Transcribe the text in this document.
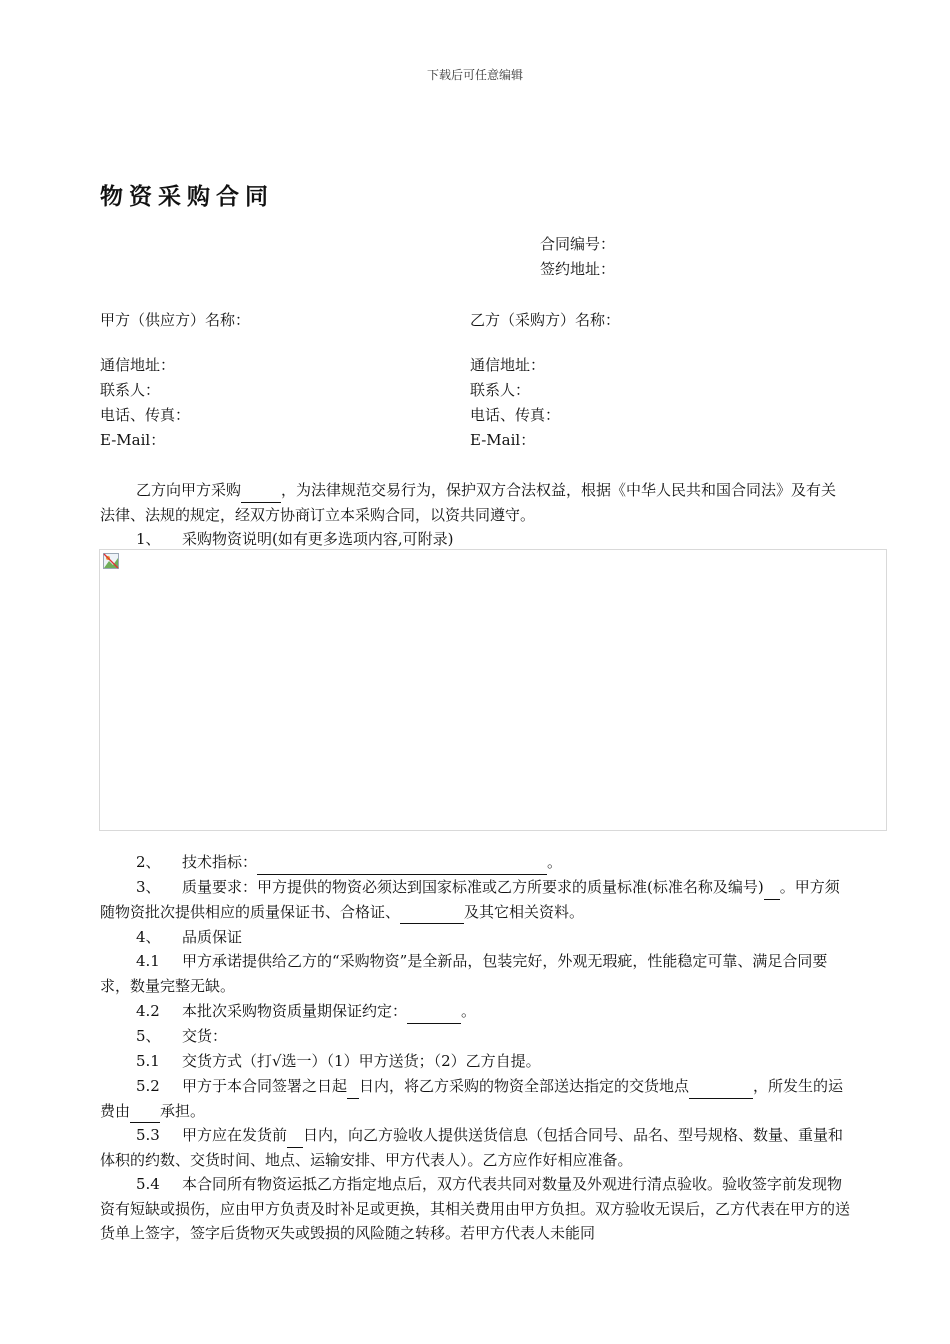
下载后可任意编辑
物资采购合同
合同编号：
签约地址：
甲方（供应方）名称：	乙方（采购方）名称：
通信地址：	通信地址：
联系人：	联系人：
电话、传真：	电话、传真：
E-Mail：	E-Mail：
乙方向甲方采购	，为法律规范交易行为，保护双方合法权益，根据《中华人民共和国合同法》及有关法律、法规的规定，经双方协商订立本采购合同，以资共同遵守。
1、 采购物资说明(如有更多选项内容,可附录)
2、 技术指标：	。
3、 质量要求：甲方提供的物资必须达到国家标准或乙方所要求的质量标准(标准名称及编号) 。甲方须随物资批次提供相应的质量保证书、合格证、	及其它相关资料。
4、 品质保证
4.1 甲方承诺提供给乙方的“采购物资”是全新品，包装完好，外观无瑕疵，性能稳定可靠、满足合同要求，数量完整无缺。
4.2 本批次采购物资质量期保证约定：	。
5、 交货：
5.1 交货方式（打√选一）（1）甲方送货；（2）乙方自提。
5.2 甲方于本合同签署之日起 日内，将乙方采购的物资全部送达指定的交货地点	，所发生的运费由 承担。
5.3 甲方应在发货前 日内，向乙方验收人提供送货信息（包括合同号、品名、型号规格、数量、重量和体积的约数、交货时间、地点、运输安排、甲方代表人）。乙方应作好相应准备。
5.4 本合同所有物资运抵乙方指定地点后，双方代表共同对数量及外观进行清点验收。验收签字前发现物资有短缺或损伤，应由甲方负责及时补足或更换，其相关费用由甲方负担。双方验收无误后，乙方代表在甲方的送货单上签字，签字后货物灭失或毁损的风险随之转移。若甲方代表人未能同
